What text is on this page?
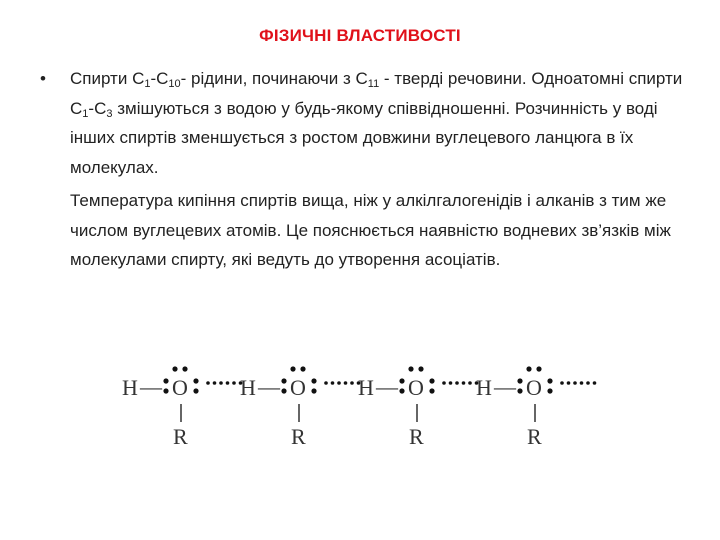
ФІЗИЧНІ ВЛАСТИВОСТІ
•	Спирти $С_1-С_{10}-$ рідини, починаючи з $С_{11}$ - тверді речовини. Одноатомні спирти $С_1-С_3$ змішуються з водою у будь-якому співвідношенні. Розчинність у воді інших спиртів зменшується з ростом довжини вуглецевого ланцюга в їх молекулах.

Температура кипіння спиртів вища, ніж у алкілгалогенідів і алканів з тим же числом вуглецевих атомів. Це пояснюється наявністю водневих зв’язків між молекулами спирту, які ведуть до утворення асоціатів.

H — O
R
H — O
R
H — O
R
H — O
R
